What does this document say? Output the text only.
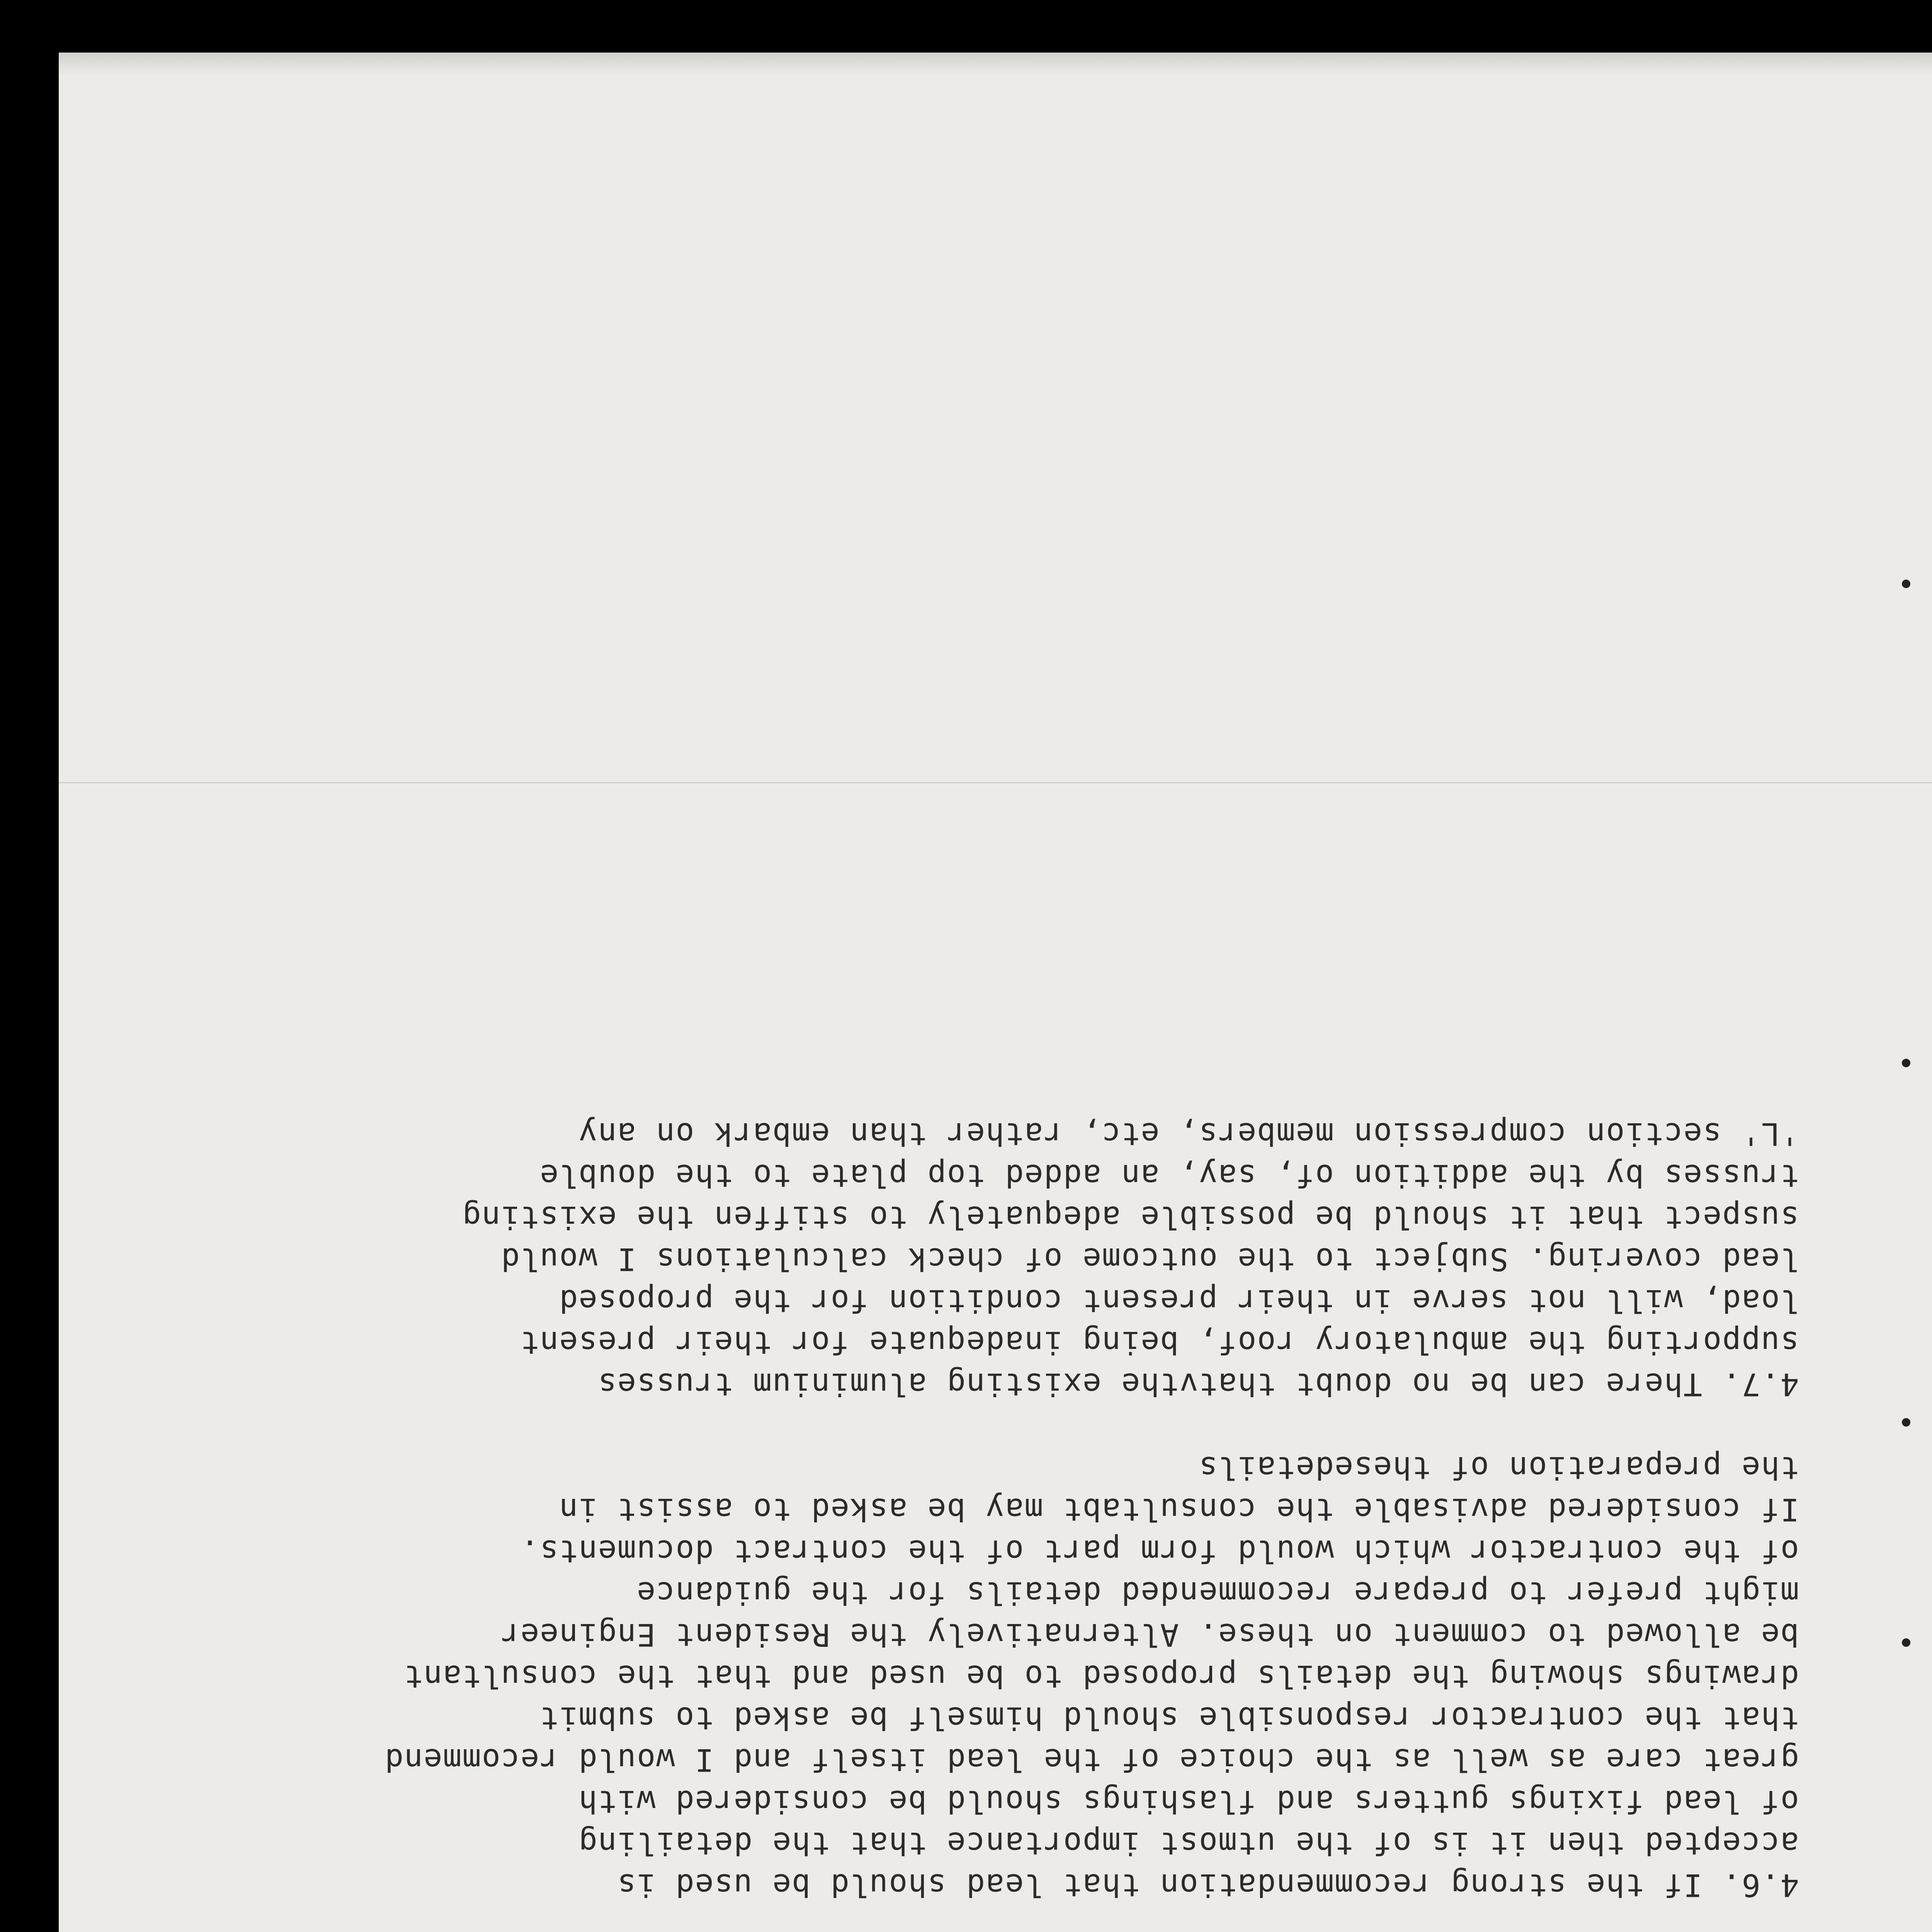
4.6. If the strong recommendation that lead should be used is
accepted then it is of the utmost importance that the detailing
of lead fixings gutters and flashings should be considered with
great care as well as the choice of the lead itself and I would recommend
that the contractor responsible should himself be asked to submit
drawings showing the details proposed to be used and that the consultant
be allowed to comment on these. Alternatively the Resident Engineer
might prefer to prepare recommended details for the guidance
of the contractor which would form part of the contract documents.
If considered advisable the consultabt may be asked to assist in
the preparation of thesedetails
4.7. There can be no doubt thatvthe existing aluminium trusses
supporting the ambulatory roof, being inadequate for their present
load, will not serve in their present condition for the proposed
lead covering. Subject to the outcome of check calculations I would
suspect that it should be possible adequately to stiffen the existing
trusses by the addition of, say, an added top plate to the double
'L' section compression members, etc, rather than embark on any
